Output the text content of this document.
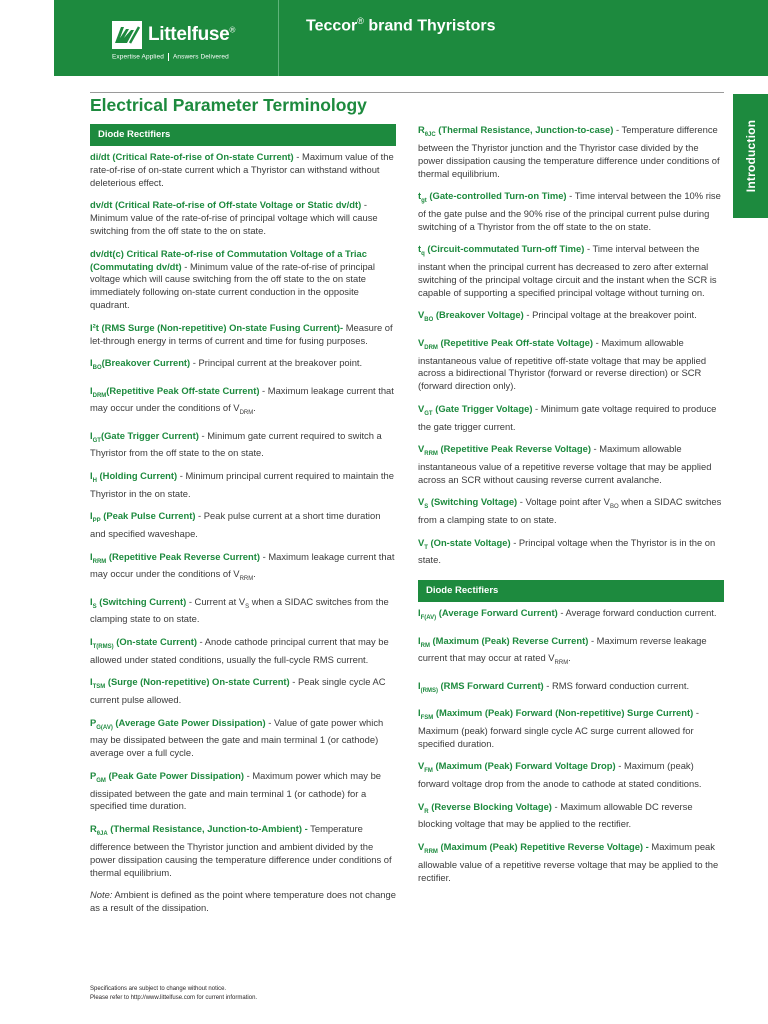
Littelfuse®
Expertise Applied Answers Delivered
Teccor® brand Thyristors
Electrical Parameter Terminology
Introduction
Diode Rectifiers
di/dt (Critical Rate-of-rise of On-state Current) - Maximum value of the rate-of-rise of on-state current which a Thyristor can withstand without deleterious effect.
dv/dt (Critical Rate-of-rise of Off-state Voltage or Static dv/dt) - Minimum value of the rate-of-rise of principal voltage which will cause switching from the off state to the on state.
dv/dt(c) Critical Rate-of-rise of Commutation Voltage of a Triac (Commutating dv/dt) - Minimum value of the rate-of-rise of principal voltage which will cause switching from the off state to the on state immediately following on-state current conduction in the opposite quadrant.
I²t (RMS Surge (Non-repetitive) On-state Fusing Current)- Measure of let-through energy in terms of current and time for fusing purposes.
$I_{BO}(Breakover$ Current) - Principal current at the breakover point.
$I_{DRM}(Repetitive$ Peak Off-state Current) - Maximum leakage current that may occur under the conditions of $V_{DRM}$.
$I_{GT}(Gate$ Trigger Current) - Minimum gate current required to switch a Thyristor from the off state to the on state.
$I_H$ (Holding Current) - Minimum principal current required to maintain the Thyristor in the on state.
$I_{PP}$ (Peak Pulse Current) - Peak pulse current at a short time duration and specified waveshape.
$I_{RRM}$ (Repetitive Peak Reverse Current) - Maximum leakage current that may occur under the conditions of $V_{RRM}$.
$I_S$ (Switching Current) - Current at $V_S$ when a SIDAC switches from the clamping state to on state.
$I_{T(RMS)}$ (On-state Current) - Anode cathode principal current that may be allowed under stated conditions, usually the full-cycle RMS current.
$I_{TSM}$ (Surge (Non-repetitive) On-state Current) - Peak single cycle AC current pulse allowed.
$P_{G(AV)}$ (Average Gate Power Dissipation) - Value of gate power which may be dissipated between the gate and main terminal 1 (or cathode) average over a full cycle.
$P_{GM}$ (Peak Gate Power Dissipation) - Maximum power which may be dissipated between the gate and main terminal 1 (or cathode) for a specified time duration.
$R_{\theta JA}$ (Thermal Resistance, Junction-to-Ambient) - Temperature difference between the Thyristor junction and ambient divided by the power dissipation causing the temperature difference under conditions of thermal equilibrium.
Note: Ambient is defined as the point where temperature does not change as a result of the dissipation.
$R_{\theta JC}$ (Thermal Resistance, Junction-to-case) - Temperature difference between the Thyristor junction and the Thyristor case divided by the power dissipation causing the temperature difference under conditions of thermal equilibrium.
$t_{gt}$ (Gate-controlled Turn-on Time) - Time interval between the 10% rise of the gate pulse and the 90% rise of the principal current pulse during switching of a Thyristor from the off state to the on state.
$t_q$ (Circuit-commutated Turn-off Time) - Time interval between the instant when the principal current has decreased to zero after external switching of the principal voltage circuit and the instant when the SCR is capable of supporting a specified principal voltage without turning on.
$V_{BO}$ (Breakover Voltage) - Principal voltage at the breakover point.
$V_{DRM}$ (Repetitive Peak Off-state Voltage) - Maximum allowable instantaneous value of repetitive off-state voltage that may be applied across a bidirectional Thyristor (forward or reverse direction) or SCR (forward direction only).
$V_{GT}$ (Gate Trigger Voltage) - Minimum gate voltage required to produce the gate trigger current.
$V_{RRM}$ (Repetitive Peak Reverse Voltage) - Maximum allowable instantaneous value of a repetitive reverse voltage that may be applied across an SCR without causing reverse current avalanche.
$V_S$ (Switching Voltage) - Voltage point after $V_{BO}$ when a SIDAC switches from a clamping state to on state.
$V_T$ (On-state Voltage) - Principal voltage when the Thyristor is in the on state.
Diode Rectifiers
$I_{F(AV)}$ (Average Forward Current) - Average forward conduction current.
$I_{RM}$ (Maximum (Peak) Reverse Current) - Maximum reverse leakage current that may occur at rated $V_{RRM}$.
$I_{(RMS)}$ (RMS Forward Current) - RMS forward conduction current.
$I_{FSM}$ (Maximum (Peak) Forward (Non-repetitive) Surge Current) - Maximum (peak) forward single cycle AC surge current allowed for specified duration.
$V_{FM}$ (Maximum (Peak) Forward Voltage Drop) - Maximum (peak) forward voltage drop from the anode to cathode at stated conditions.
$V_R$ (Reverse Blocking Voltage) - Maximum allowable DC reverse blocking voltage that may be applied to the rectifier.
$V_{RRM}$ (Maximum (Peak) Repetitive Reverse Voltage) - Maximum peak allowable value of a repetitive reverse voltage that may be applied to the rectifier.
Specifications are subject to change without notice.
Please refer to http://www.littelfuse.com for current information.
